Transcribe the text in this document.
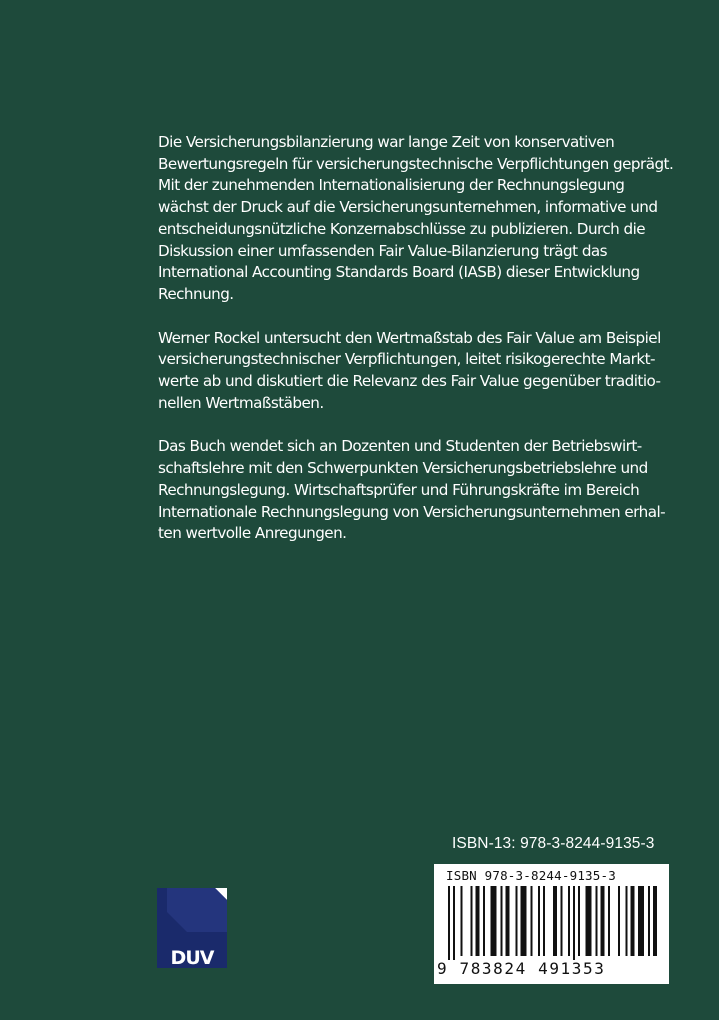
Die Versicherungsbilanzierung war lange Zeit von konservativen
Bewertungsregeln für versicherungstechnische Verpflichtungen geprägt.
Mit der zunehmenden Internationalisierung der Rechnungslegung
wächst der Druck auf die Versicherungsunternehmen, informative und
entscheidungsnützliche Konzernabschlüsse zu publizieren. Durch die
Diskussion einer umfassenden Fair Value-Bilanzierung trägt das
International Accounting Standards Board (IASB) dieser Entwicklung
Rechnung.

Werner Rockel untersucht den Wertmaßstab des Fair Value am Beispiel
versicherungstechnischer Verpflichtungen, leitet risikogerechte Markt-
werte ab und diskutiert die Relevanz des Fair Value gegenüber traditio-
nellen Wertmaßstäben.

Das Buch wendet sich an Dozenten und Studenten der Betriebswirt-
schaftslehre mit den Schwerpunkten Versicherungsbetriebslehre und
Rechnungslegung. Wirtschaftsprüfer und Führungskräfte im Bereich
Internationale Rechnungslegung von Versicherungsunternehmen erhal-
ten wertvolle Anregungen.

ISBN-13: 978-3-8244-9135-3
ISBN 978-3-8244-9135-3
9 783824 491353
DUV
